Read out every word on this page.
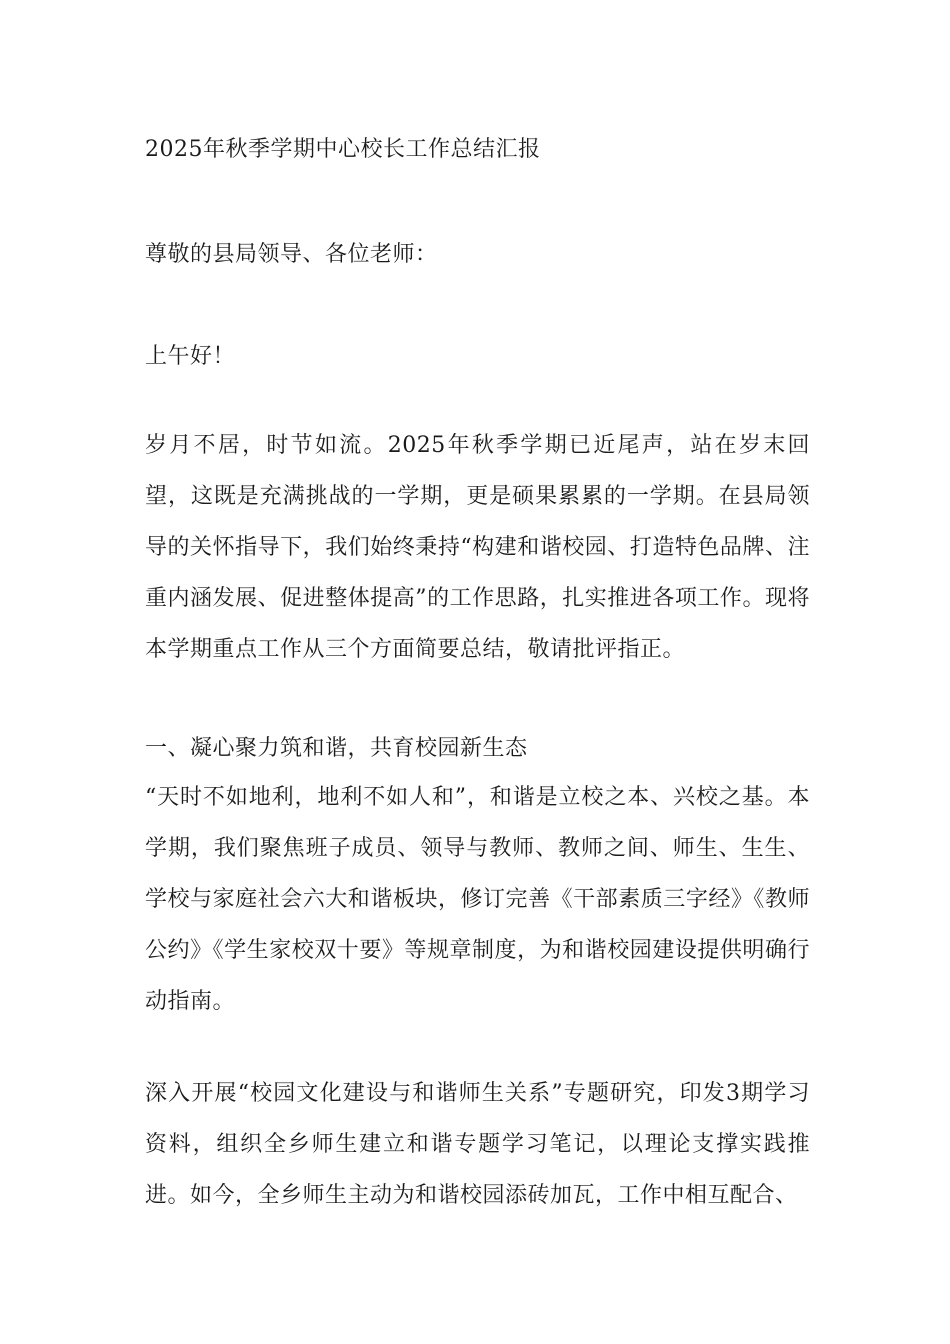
2025年秋季学期中心校长工作总结汇报

尊敬的县局领导、各位老师：

上午好！

岁月不居，时节如流。2025年秋季学期已近尾声，站在岁末回望，这既是充满挑战的一学期，更是硕果累累的一学期。在县局领导的关怀指导下，我们始终秉持“构建和谐校园、打造特色品牌、注重内涵发展、促进整体提高”的工作思路，扎实推进各项工作。现将本学期重点工作从三个方面简要总结，敬请批评指正。

一、凝心聚力筑和谐，共育校园新生态

“天时不如地利，地利不如人和”，和谐是立校之本、兴校之基。本学期，我们聚焦班子成员、领导与教师、教师之间、师生、生生、学校与家庭社会六大和谐板块，修订完善《干部素质三字经》《教师公约》《学生家校双十要》等规章制度，为和谐校园建设提供明确行动指南。

深入开展“校园文化建设与和谐师生关系”专题研究，印发3期学习资料，组织全乡师生建立和谐专题学习笔记，以理论支撑实践推进。如今，全乡师生主动为和谐校园添砖加瓦，工作中相互配合、
